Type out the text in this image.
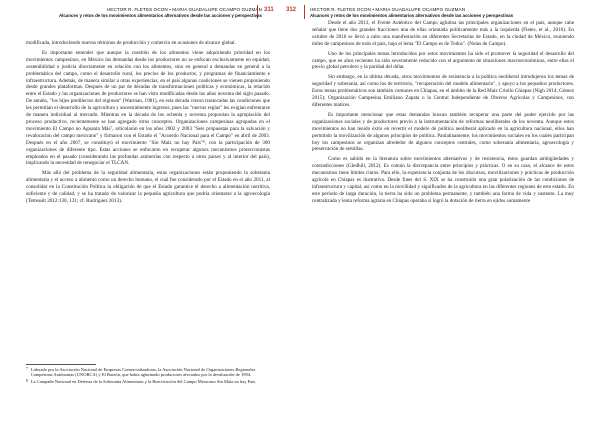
HECTOR R. FLETES OCON • MARIA GUADALUPE OCAMPO GUZMAN
Alcances y retos de los movimientos alimentarios alternativos desde las acciones y perspectivas
311

modificada, introduciendo nuevos términos de producción y comercio en ocasiones de alcance global.

Es importante entender que aunque la cuestión de los alimentos viene adquiriendo prioridad en los movimientos campesinos, en México las demandas desde los productores no se enfocan exclusivamente en equidad, sostenibilidad o justicia directamente en relación con los alimentos, sino en general a demandas en general a la problemática del campo, como el desarrollo rural, los precios de los productos, y programas de financiamiento e infraestructura. Además, de manera similar a otras experiencias, en el país algunas coaliciones se vienen proponiendo desde grandes plataformas. Después de un par de décadas de transformaciones políticas y económicas, la relación entre el Estado y las organizaciones de productores se han visto modificadas desde los años noventa del siglo pasado. De antaño, "los hijos predilectos del régimen" (Warman, 1981), en esta década vieron trastocadas las condiciones que les permitían el desarrollo de la agricultura y ancestralmente ingresos, pues las "nuevas reglas" les exigían enfrentarse de manera individual al mercado. Mientras en la década de los ochenta y noventa proponían la apropiación del proceso productivo, recientemente se han agregado otros conceptos. Organizaciones campesinas agrupadas en el movimiento El Campo no Aguanta Más⁷, articularon en los años 2002 y 2003 "Seis propuestas para la salvación y revaloración del campo mexicano" y firmaron con el Estado el "Acuerdo Nacional para el Campo" en abril de 2003. Después en el año 2007, se constituyó el movimiento "Sin Maíz no hay País"⁸, con la participación de 300 organizaciones de diferente tipo. Estas acciones se enfocaron en recuperar algunos mecanismos proteccionistas empleados en el pasado (considerando las profundas asimetrías con respecto a otros países y al interior del país), implicando la necesidad de renegociar el TLCAN.

Más allá del problema de la seguridad alimentaria, estas organizaciones están proponiendo la soberanía alimentaria y el acceso a alimento como un derecho humano, el cual fue considerado por el Estado en el año 2011, al consolidar en la Constitución Política la obligación de que el Estado garantice el derecho a alimentación nutritiva, suficiente y de calidad, y se ha tratado de valorizar la pequeña agricultura que podría orientarse a la agroecología (Tetreault 2012:130, 131; cf. Rodríguez 2013).

7 Liderado por la Asociación Nacional de Empresas Comercializadoras, la Asociación Nacional de Organizaciones Regionales Campesinas Autónomas (UNORCA) y El Barzón, que había aglutinado productores afectados por la devaluación de 1994.
8 La Campaña Nacional en Defensa de la Soberanía Alimentaria y la Reactivación del Campo Mexicano Sin Maíz no hay País.
312	HECTOR R. FLETES OCON • MARIA GUADALUPE OCAMPO GUZMAN
Alcances y retos de los movimientos alimentarios alternativos desde las acciones y perspectivas

Desde el año 2013, el Frente Auténtico del Campo aglutina las principales organizaciones en el país, aunque cabe señalar que tiene dos grandes fracciones una de ellas orientada políticamente más a la izquierda (Fletes, et al., 2016). En octubre de 2016 se llevó a cabo una manifestación en diferentes Secretarías de Estado, en la ciudad de México, reuniendo miles de campesinos de todo el país, bajo el lema "El Campo es de Todos". (Notas de Campo).

Uno de los principales temas introducidos por estos movimientos ha sido el promover la seguridad el desarrollo del campo, que en años recientes ha sido severamente reducido con el argumento de situaciones macroeconómicas, entre ellas el precio global petrolero y la paridad del dólar.

Sin embargo, en la última década, otros movimientos de resistencia a la política neoliberal introdujeron los temas de seguridad y soberanía, así como los de territorio, "recuperación del modelo alimentario", y apoyo a los pequeños productores. Estos temas problemáticos son también comunes en Chiapas, en el ámbito de la Red Maíz Criollo Chiapas (Nigh 2014; Gómez 2015); Organización Campesina Emiliano Zapata o la Central Independiente de Obreros Agrícolas y Campesinos, con diferentes matices.

Es importante mencionar que estas demandas buscan también recuperar una parte del poder ejercido por las organizaciones sociales y de productores previo a la instrumentación de reformas neoliberales de los noventa. Aunque estos movimientos no han tenido éxito en revertir el modelo de política neoliberal aplicado en la agricultura nacional, ellos han permitido la movilización de algunos principios de política. Paulatinamente, los movimientos sociales en los cuales participan hoy los campesinos se organizan alrededor de algunos conceptos centrales, como soberanía alimentaria, agroecología y preservación de semillas.

Como es sabido en la literatura sobre movimientos alternativos y de resistencia, éstos guardan ambigüedades y contradicciones (Gledhill, 2012). Es común la discrepancia entre principios y prácticas. O en su caso, el alcance de estos mecanismos tiene límites claros. Para ello, la experiencia conjunta de los discursos, movilizaciones y prácticas de producción agrícola en Chiapas es ilustrativa. Desde fines del S. XIX se ha construido una gran polarización de las condiciones de infraestructura y capital, así como en la movilidad y significados de la agricultura en las diferentes regiones de este estado. En este periodo de larga duración, la tierra ha sido un problema permanente, y también una forma de vida y sustento. La muy centralizada y lenta reforma agraria en Chiapas operaba si logró la dotación de tierra en ejidos sumamente
